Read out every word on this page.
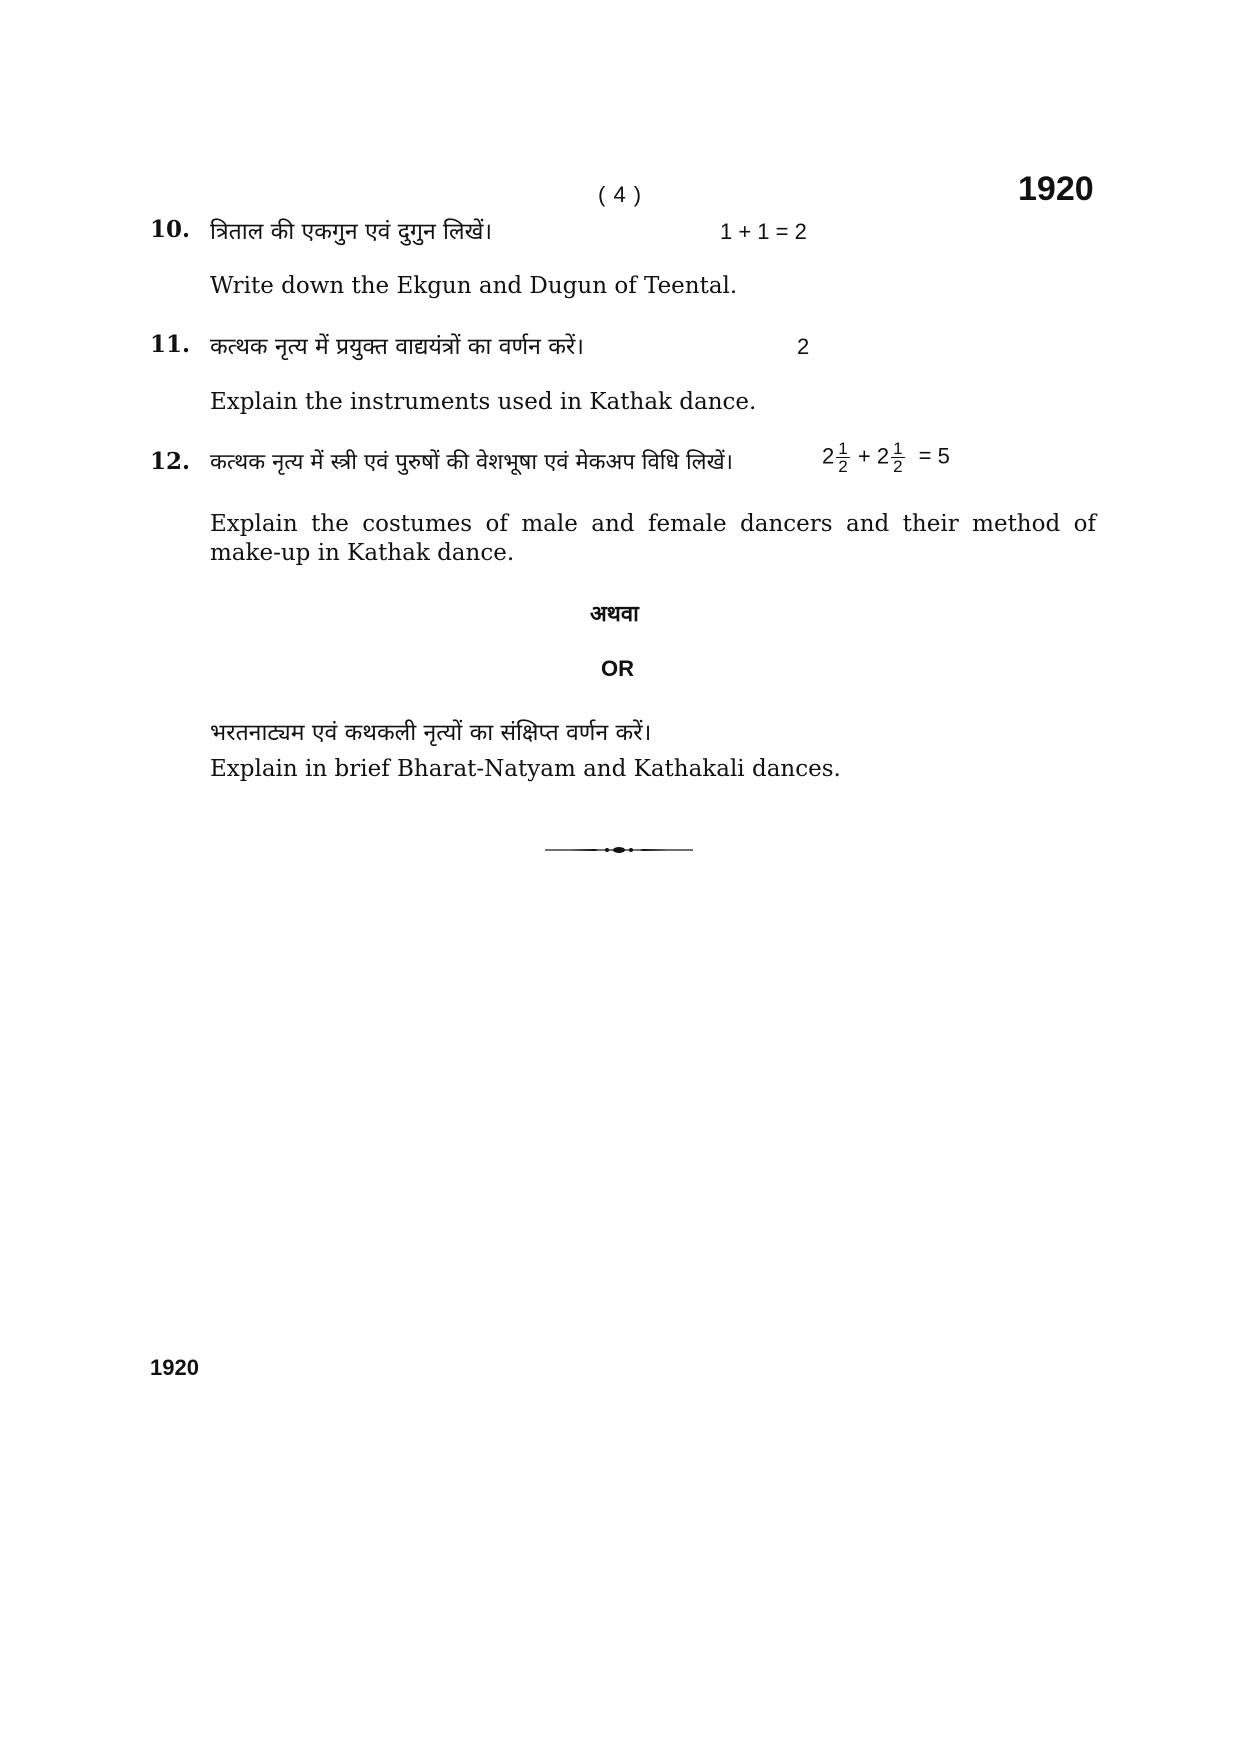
( 4 )	1920
10. त्रिताल की एकगुन एवं दुगुन लिखें।	1 + 1 = 2
Write down the Ekgun and Dugun of Teental.
11. कत्थक नृत्य में प्रयुक्त वाद्ययंत्रों का वर्णन करें।	2
Explain the instruments used in Kathak dance.
12. कत्थक नृत्य में स्त्री एवं पुरुषों की वेशभूषा एवं मेकअप विधि लिखें।	$2 \frac{1}{2} + 2 \frac{1}{2} = 5$
Explain the costumes of male and female dancers and their method of make-up in Kathak dance.
अथवा
OR
भरतनाट्यम एवं कथकली नृत्यों का संक्षिप्त वर्णन करें।
Explain in brief Bharat-Natyam and Kathakali dances.
1920
